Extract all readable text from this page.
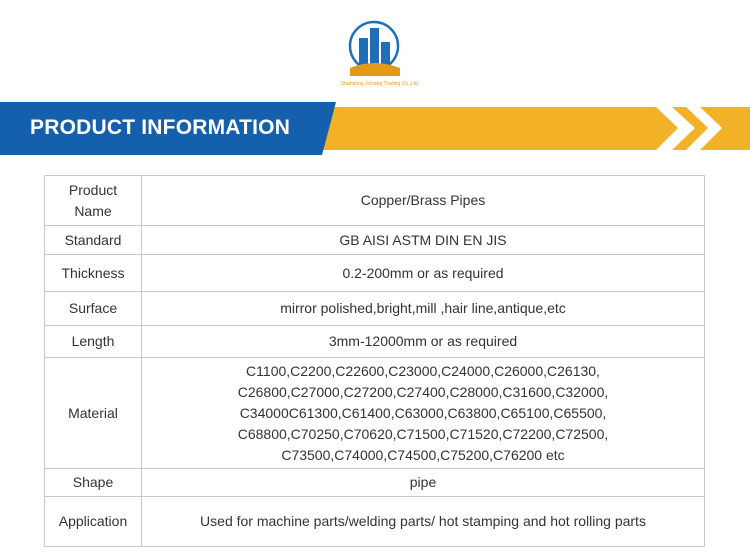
Shandong Jichang Trading Co.,Ltd.
PRODUCT INFORMATION
Product Name	Copper/Brass Pipes
Standard	GB AISI ASTM DIN EN JIS
Thickness	0.2-200mm or as required
Surface	mirror polished,bright,mill ,hair line,antique,etc
Length	3mm-12000mm or as required
Material	C1100,C2200,C22600,C23000,C24000,C26000,C26130,
C26800,C27000,C27200,C27400,C28000,C31600,C32000,
C34000C61300,C61400,C63000,C63800,C65100,C65500,
C68800,C70250,C70620,C71500,C71520,C72200,C72500,
C73500,C74000,C74500,C75200,C76200 etc

Shape	pipe
Application	Used for machine parts/welding parts/ hot stamping and hot rolling parts
